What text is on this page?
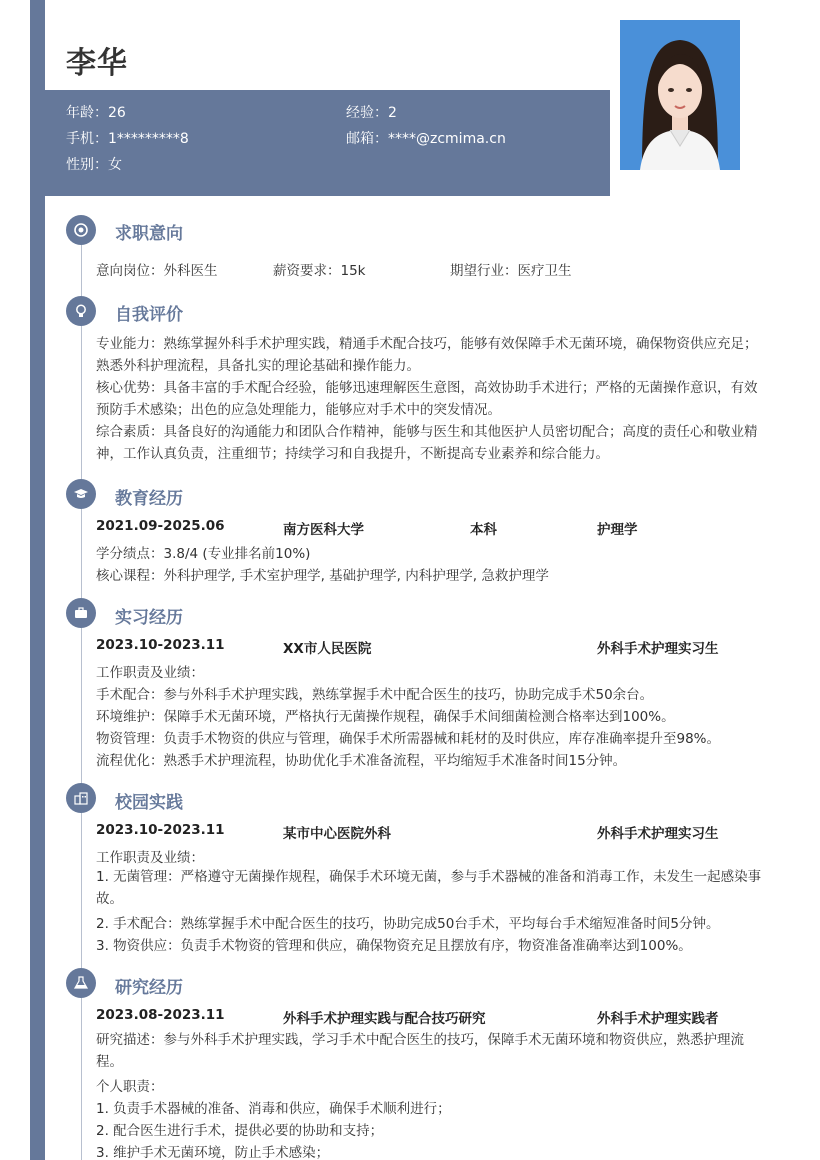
李华
年龄：26	经验：2
手机：1*********8	邮箱：****@zcmima.cn
性别：女
求职意向
意向岗位：外科医生	薪资要求：15k	期望行业：医疗卫生
自我评价
专业能力：熟练掌握外科手术护理实践，精通手术配合技巧，能够有效保障手术无菌环境，确保物资供应充足；熟悉外科护理流程，具备扎实的理论基础和操作能力。
核心优势：具备丰富的手术配合经验，能够迅速理解医生意图，高效协助手术进行；严格的无菌操作意识，有效预防手术感染；出色的应急处理能力，能够应对手术中的突发情况。
综合素质：具备良好的沟通能力和团队合作精神，能够与医生和其他医护人员密切配合；高度的责任心和敬业精神，工作认真负责，注重细节；持续学习和自我提升，不断提高专业素养和综合能力。
教育经历
2021.09-2025.06	南方医科大学	本科	护理学
学分绩点：3.8/4 (专业排名前10%)
核心课程：外科护理学, 手术室护理学, 基础护理学, 内科护理学, 急救护理学
实习经历
2023.10-2023.11	XX市人民医院	外科手术护理实习生
工作职责及业绩：
手术配合：参与外科手术护理实践，熟练掌握手术中配合医生的技巧，协助完成手术50余台。
环境维护：保障手术无菌环境，严格执行无菌操作规程，确保手术间细菌检测合格率达到100%。
物资管理：负责手术物资的供应与管理，确保手术所需器械和耗材的及时供应，库存准确率提升至98%。
流程优化：熟悉手术护理流程，协助优化手术准备流程，平均缩短手术准备时间15分钟。
校园实践
2023.10-2023.11	某市中心医院外科	外科手术护理实习生
工作职责及业绩：
1. 无菌管理：严格遵守无菌操作规程，确保手术环境无菌，参与手术器械的准备和消毒工作，未发生一起感染事故。
2. 手术配合：熟练掌握手术中配合医生的技巧，协助完成50台手术，平均每台手术缩短准备时间5分钟。
3. 物资供应：负责手术物资的管理和供应，确保物资充足且摆放有序，物资准备准确率达到100%。
研究经历
2023.08-2023.11	外科手术护理实践与配合技巧研究	外科手术护理实践者
研究描述：参与外科手术护理实践，学习手术中配合医生的技巧，保障手术无菌环境和物资供应，熟悉护理流程。
个人职责：
1. 负责手术器械的准备、消毒和供应，确保手术顺利进行；
2. 配合医生进行手术，提供必要的协助和支持；
3. 维护手术无菌环境，防止手术感染；
